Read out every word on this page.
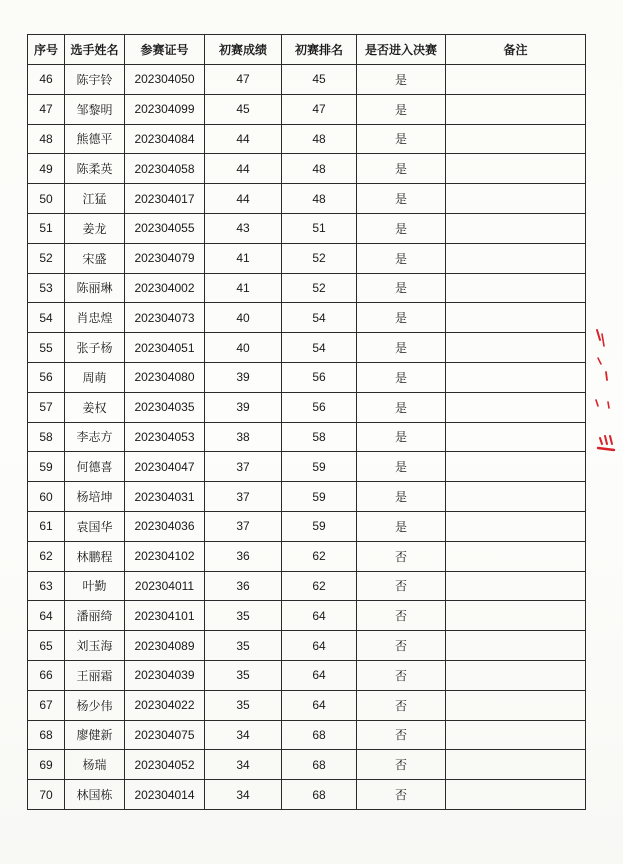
序号	选手姓名	参赛证号	初赛成绩	初赛排名	是否进入决赛	备注
46	陈宇铃	202304050	47	45	是	
47	邹黎明	202304099	45	47	是	
48	熊德平	202304084	44	48	是	
49	陈柔英	202304058	44	48	是	
50	江猛	202304017	44	48	是	
51	姜龙	202304055	43	51	是	
52	宋盛	202304079	41	52	是	
53	陈丽琳	202304002	41	52	是	
54	肖忠煌	202304073	40	54	是	
55	张子杨	202304051	40	54	是	
56	周萌	202304080	39	56	是	
57	姜权	202304035	39	56	是	
58	李志方	202304053	38	58	是	
59	何德喜	202304047	37	59	是	
60	杨培坤	202304031	37	59	是	
61	袁国华	202304036	37	59	是	
62	林鹏程	202304102	36	62	否	
63	叶勤	202304011	36	62	否	
64	潘丽绮	202304101	35	64	否	
65	刘玉海	202304089	35	64	否	
66	王丽霜	202304039	35	64	否	
67	杨少伟	202304022	35	64	否	
68	廖健新	202304075	34	68	否	
69	杨瑞	202304052	34	68	否	
70	林国栋	202304014	34	68	否	
